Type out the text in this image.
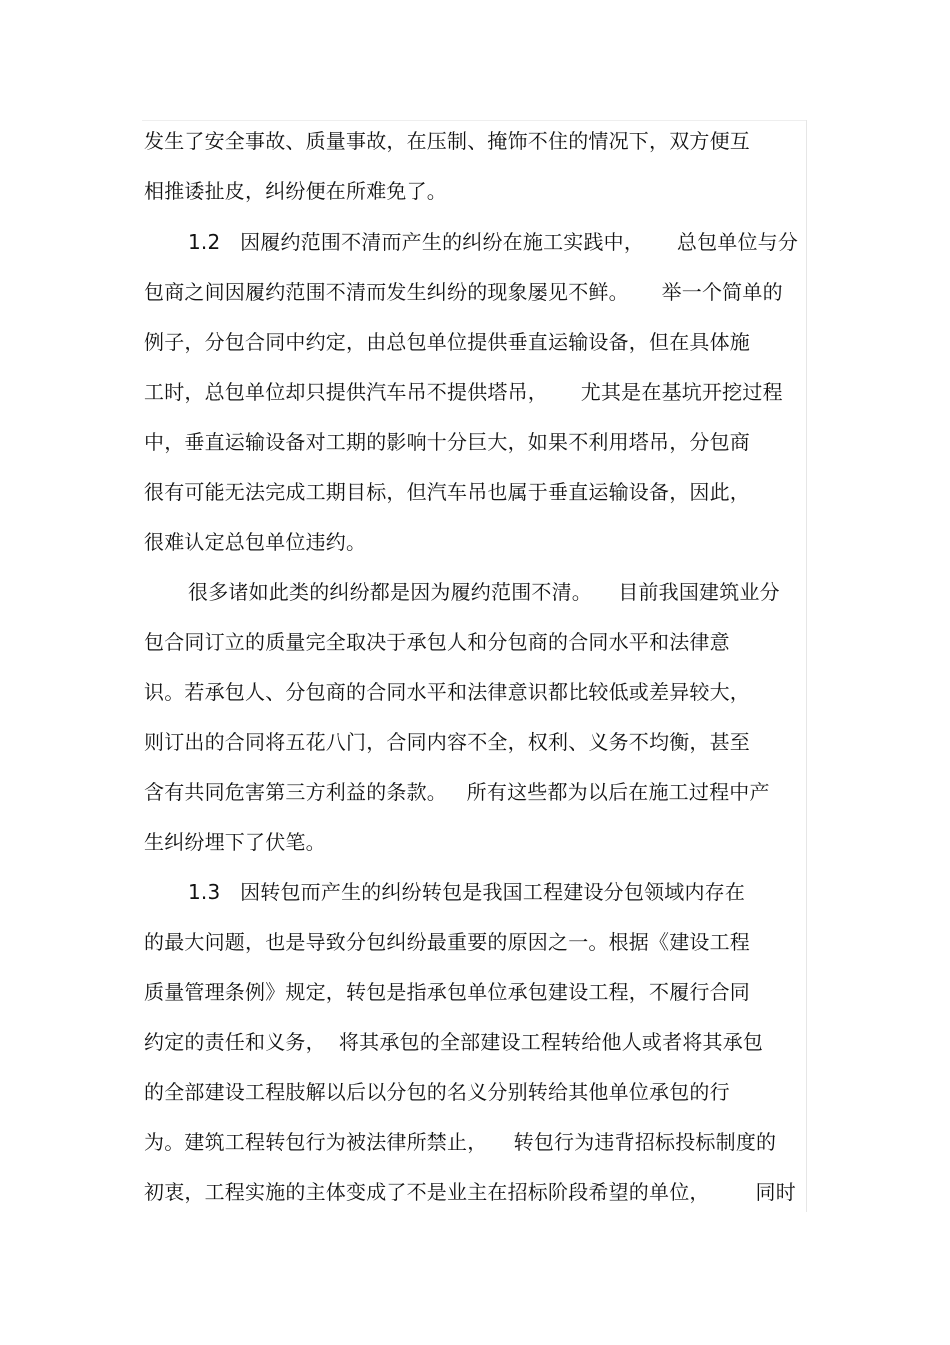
发生了安全事故、质量事故，在压制、掩饰不住的情况下，双方便互
相推诿扯皮，纠纷便在所难免了。
1.2   因履约范围不清而产生的纠纷在施工实践中，     总包单位与分
包商之间因履约范围不清而发生纠纷的现象屡见不鲜。     举一个简单的
例子，分包合同中约定，由总包单位提供垂直运输设备，但在具体施
工时，总包单位却只提供汽车吊不提供塔吊，     尤其是在基坑开挖过程
中，垂直运输设备对工期的影响十分巨大，如果不利用塔吊，分包商
很有可能无法完成工期目标，但汽车吊也属于垂直运输设备，因此，
很难认定总包单位违约。
很多诸如此类的纠纷都是因为履约范围不清。    目前我国建筑业分
包合同订立的质量完全取决于承包人和分包商的合同水平和法律意
识。若承包人、分包商的合同水平和法律意识都比较低或差异较大，
则订出的合同将五花八门，合同内容不全，权利、义务不均衡，甚至
含有共同危害第三方利益的条款。   所有这些都为以后在施工过程中产
生纠纷埋下了伏笔。
1.3   因转包而产生的纠纷转包是我国工程建设分包领域内存在
的最大问题，也是导致分包纠纷最重要的原因之一。根据《建设工程
质量管理条例》规定，转包是指承包单位承包建设工程，不履行合同
约定的责任和义务，  将其承包的全部建设工程转给他人或者将其承包
的全部建设工程肢解以后以分包的名义分别转给其他单位承包的行
为。建筑工程转包行为被法律所禁止，    转包行为违背招标投标制度的
初衷，工程实施的主体变成了不是业主在招标阶段希望的单位，       同时
